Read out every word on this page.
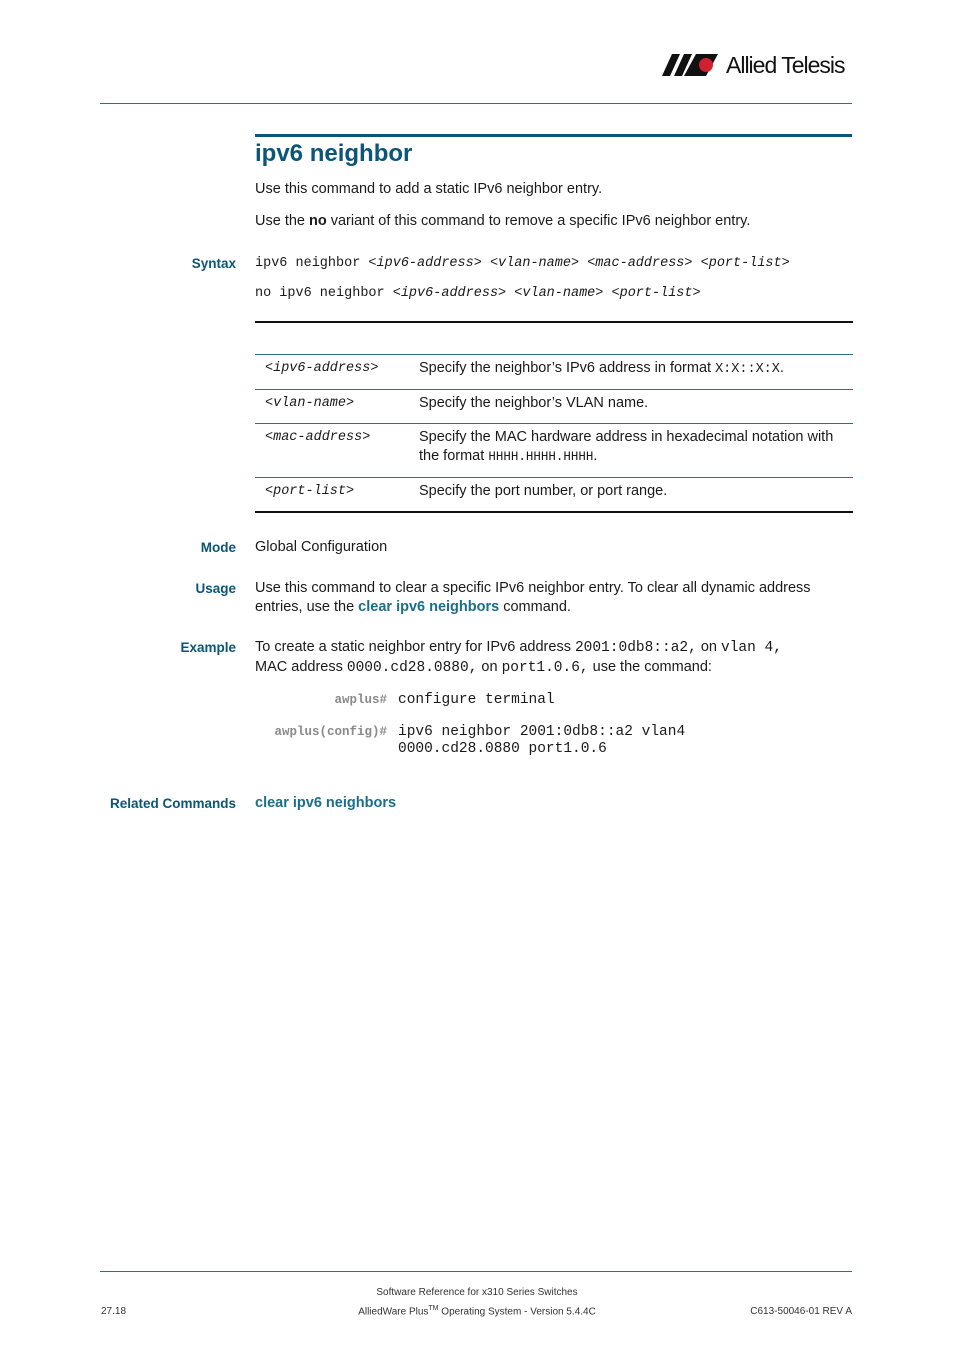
Allied Telesis
ipv6 neighbor
Use this command to add a static IPv6 neighbor entry.
Use the no variant of this command to remove a specific IPv6 neighbor entry.
Syntax ipv6 neighbor <ipv6-address> <vlan-name> <mac-address> <port-list>
no ipv6 neighbor <ipv6-address> <vlan-name> <port-list>
<ipv6-address>	Specify the neighbor’s IPv6 address in format X:X::X:X.
<vlan-name>	Specify the neighbor’s VLAN name.
<mac-address>	Specify the MAC hardware address in hexadecimal notation with the format HHHH.HHHH.HHHH.
<port-list>	Specify the port number, or port range.
Mode Global Configuration
Usage Use this command to clear a specific IPv6 neighbor entry. To clear all dynamic address
entries, use the clear ipv6 neighbors command.
Example To create a static neighbor entry for IPv6 address 2001:0db8::a2, on vlan 4,
MAC address 0000.cd28.0880, on port1.0.6, use the command:
awplus# configure terminal
awplus(config)# ipv6 neighbor 2001:0db8::a2 vlan4
0000.cd28.0880 port1.0.6
Related Commands clear ipv6 neighbors
Software Reference for x310 Series Switches
AlliedWare Plus™ Operating System - Version 5.4.4C
27.18	C613-50046-01 REV A
